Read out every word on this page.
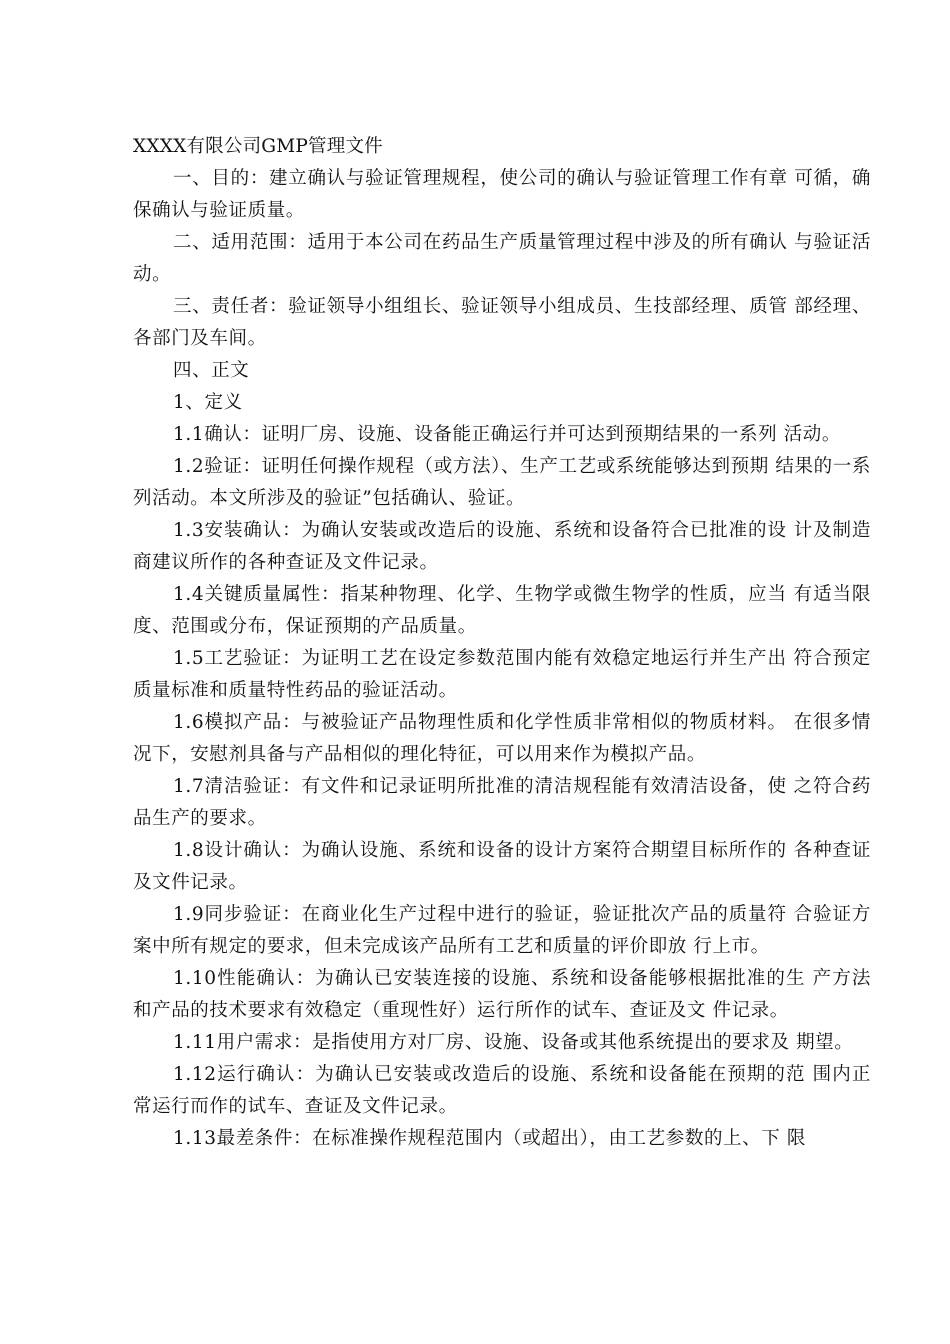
XXXX有限公司GMP管理文件

一、目的：建立确认与验证管理规程，使公司的确认与验证管理工作有章 可循，确保确认与验证质量。

二、适用范围：适用于本公司在药品生产质量管理过程中涉及的所有确认 与验证活动。

三、责任者：验证领导小组组长、验证领导小组成员、生技部经理、质管 部经理、各部门及车间。

四、正文

1、定义

1.1确认：证明厂房、设施、设备能正确运行并可达到预期结果的一系列 活动。

1.2验证：证明任何操作规程（或方法）、生产工艺或系统能够达到预期 结果的一系列活动。本文所涉及的验证”包括确认、验证。

1.3安装确认：为确认安装或改造后的设施、系统和设备符合已批准的设 计及制造商建议所作的各种查证及文件记录。

1.4关键质量属性：指某种物理、化学、生物学或微生物学的性质，应当 有适当限度、范围或分布，保证预期的产品质量。

1.5工艺验证：为证明工艺在设定参数范围内能有效稳定地运行并生产出 符合预定质量标准和质量特性药品的验证活动。

1.6模拟产品：与被验证产品物理性质和化学性质非常相似的物质材料。 在很多情况下，安慰剂具备与产品相似的理化特征，可以用来作为模拟产品。

1.7清洁验证：有文件和记录证明所批准的清洁规程能有效清洁设备，使 之符合药品生产的要求。

1.8设计确认：为确认设施、系统和设备的设计方案符合期望目标所作的 各种查证及文件记录。

1.9同步验证：在商业化生产过程中进行的验证，验证批次产品的质量符 合验证方案中所有规定的要求，但未完成该产品所有工艺和质量的评价即放 行上市。

1.10性能确认：为确认已安装连接的设施、系统和设备能够根据批准的生 产方法和产品的技术要求有效稳定（重现性好）运行所作的试车、查证及文 件记录。

1.11用户需求：是指使用方对厂房、设施、设备或其他系统提出的要求及 期望。

1.12运行确认：为确认已安装或改造后的设施、系统和设备能在预期的范 围内正常运行而作的试车、查证及文件记录。

1.13最差条件：在标准操作规程范围内（或超出），由工艺参数的上、下 限
